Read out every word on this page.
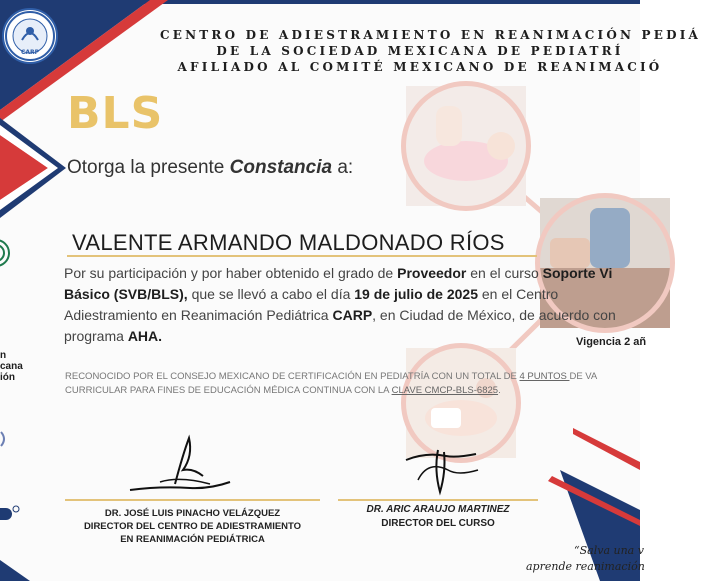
CARP
CENTRO DE ADIESTRAMIENTO EN REANIMACIÓN PEDIÁ
DE LA SOCIEDAD MEXICANA DE PEDIATRÍ
AFILIADO AL COMITÉ MEXICANO DE REANIMACIÓ
n
cana
ión
BLS
Otorga la presente Constancia a:
VALENTE ARMANDO MALDONADO RÍOS
Por su participación y por haber obtenido el grado de Proveedor en el curso Soporte Vi
Básico (SVB/BLS), que se llevó a cabo el día 19 de julio de 2025 en el Centro
Adiestramiento en Reanimación Pediátrica CARP, en Ciudad de México, de acuerdo con
programa AHA.	Vigencia 2 añ
RECONOCIDO POR EL CONSEJO MEXICANO DE CERTIFICACIÓN EN PEDIATRÍA CON UN TOTAL DE 4 PUNTOS DE VA
CURRICULAR PARA FINES DE EDUCACIÓN MÉDICA CONTINUA CON LA CLAVE CMCP-BLS-6825.
DR. JOSÉ LUIS PINACHO VELÁZQUEZ
DIRECTOR DEL CENTRO DE ADIESTRAMIENTO
EN REANIMACIÓN PEDIÁTRICA
DR. ARIC ARAUJO MARTINEZ
DIRECTOR DEL CURSO
“Salva una v
aprende reanimación
